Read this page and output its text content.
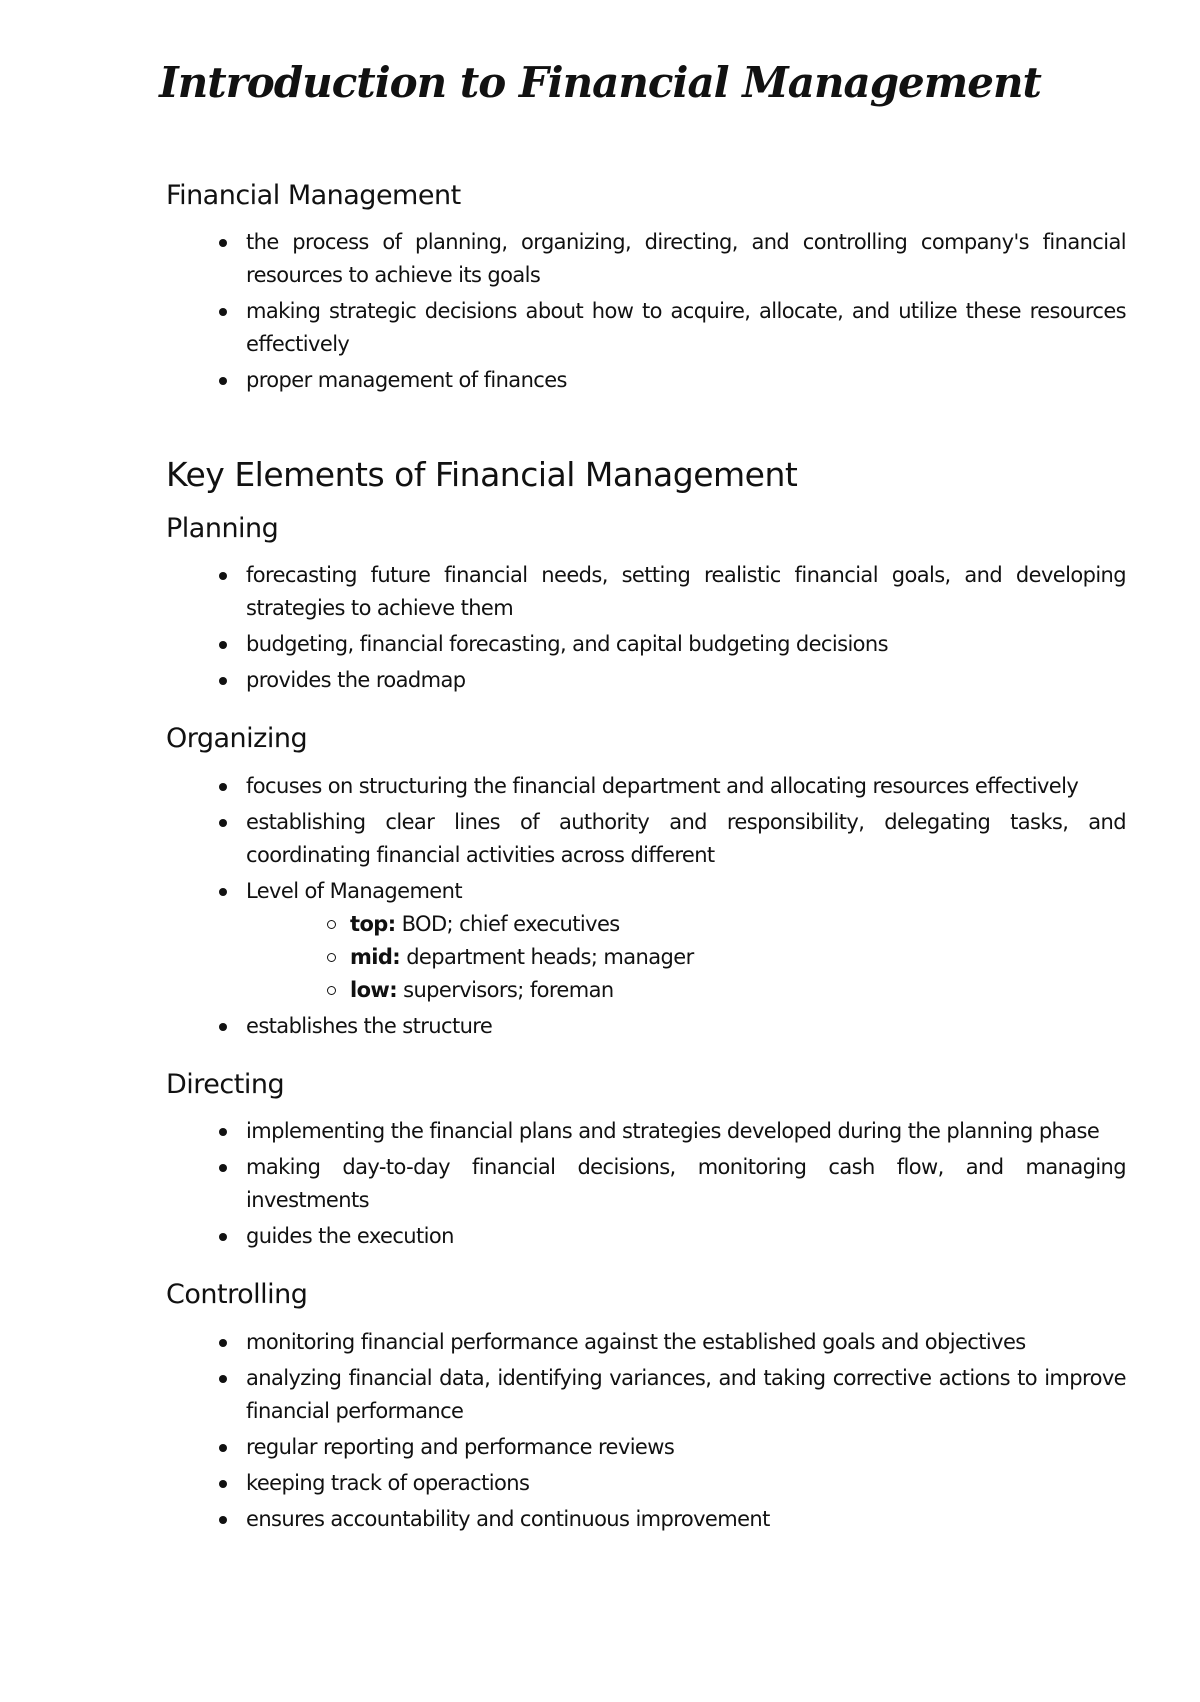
Introduction to Financial Management
Financial Management
the process of planning, organizing, directing, and controlling company's financial resources to achieve its goals
making strategic decisions about how to acquire, allocate, and utilize these resources effectively
proper management of finances
Key Elements of Financial Management
Planning
forecasting future financial needs, setting realistic financial goals, and developing strategies to achieve them
budgeting, financial forecasting, and capital budgeting decisions
provides the roadmap
Organizing
focuses on structuring the financial department and allocating resources effectively
establishing clear lines of authority and responsibility, delegating tasks, and coordinating financial activities across different
Level of Management
top: BOD; chief executives
mid: department heads; manager
low: supervisors; foreman
establishes the structure
Directing
implementing the financial plans and strategies developed during the planning phase
making day-to-day financial decisions, monitoring cash flow, and managing investments
guides the execution
Controlling
monitoring financial performance against the established goals and objectives
analyzing financial data, identifying variances, and taking corrective actions to improve financial performance
regular reporting and performance reviews
keeping track of operactions
ensures accountability and continuous improvement
